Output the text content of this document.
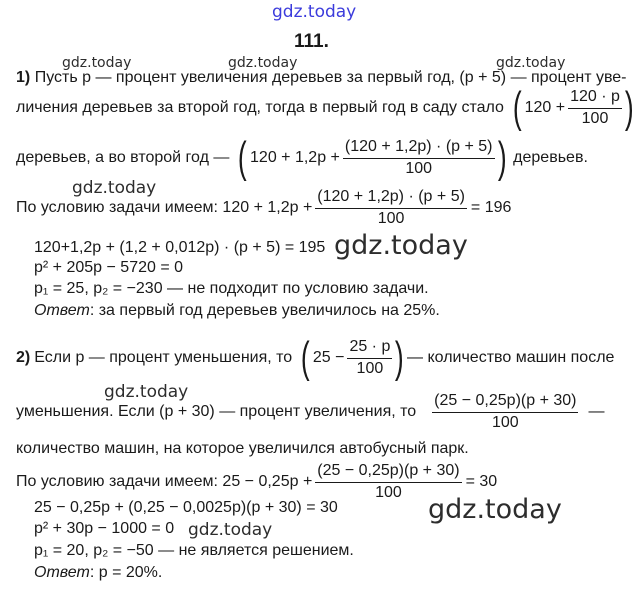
gdz.today
gdz.today	gdz.today	gdz.today
gdz.today
gdz.today
gdz.today
gdz.today
gdz.today
111.
1) Пусть p — процент увеличения деревьев за первый год, (p + 5) — процент уве-
личения деревьев за второй год, тогда в первый год в саду стало ( $120 + \frac{120 \cdot p}{100}$ )
деревьев, а во второй год — ( $120 + 1,2p + \frac{(120 + 1,2p) \cdot (p + 5)}{100}$ ) деревьев.
По условию задачи имеем: $120 + 1,2p + \frac{(120 + 1,2p) \cdot (p + 5)}{100} = 196$
120+1,2p + (1,2 + 0,012p) · (p + 5) = 195
p² + 205p − 5720 = 0
p₁ = 25, p₂ = −230 — не подходит по условию задачи.
Ответ: за первый год деревьев увеличилось на 25%.
2) Если p — процент уменьшения, то ( $25 - \frac{25 \cdot p}{100}$ ) — количество машин после
уменьшения. Если (p + 30) — процент увеличения, то $\frac{(25 - 0,25p)(p + 30)}{100}$ —
количество машин, на которое увеличился автобусный парк.
По условию задачи имеем: $25 - 0,25p + \frac{(25 - 0,25p)(p + 30)}{100} = 30$
25 − 0,25p + (0,25 − 0,0025p)(p + 30) = 30
p² + 30p − 1000 = 0
p₁ = 20, p₂ = −50 — не является решением.
Ответ: p = 20%.
